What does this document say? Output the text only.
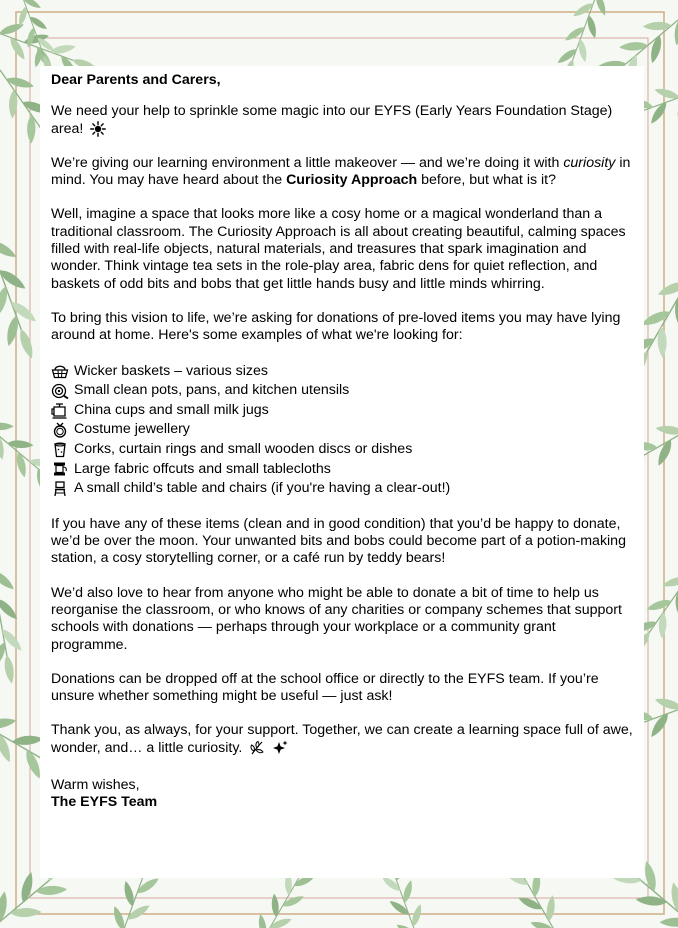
Dear Parents and Carers,

We need your help to sprinkle some magic into our EYFS (Early Years Foundation Stage) area!

We’re giving our learning environment a little makeover — and we’re doing it with curiosity in mind. You may have heard about the Curiosity Approach before, but what is it?

Well, imagine a space that looks more like a cosy home or a magical wonderland than a traditional classroom. The Curiosity Approach is all about creating beautiful, calming spaces filled with real-life objects, natural materials, and treasures that spark imagination and wonder. Think vintage tea sets in the role-play area, fabric dens for quiet reflection, and baskets of odd bits and bobs that get little hands busy and little minds whirring.

To bring this vision to life, we’re asking for donations of pre-loved items you may have lying around at home. Here's some examples of what we're looking for:

Wicker baskets – various sizes
Small clean pots, pans, and kitchen utensils
China cups and small milk jugs
Costume jewellery
Corks, curtain rings and small wooden discs or dishes
Large fabric offcuts and small tablecloths
A small child’s table and chairs (if you're having a clear-out!)

If you have any of these items (clean and in good condition) that you’d be happy to donate, we’d be over the moon. Your unwanted bits and bobs could become part of a potion-making station, a cosy storytelling corner, or a café run by teddy bears!

We’d also love to hear from anyone who might be able to donate a bit of time to help us reorganise the classroom, or who knows of any charities or company schemes that support schools with donations — perhaps through your workplace or a community grant programme.

Donations can be dropped off at the school office or directly to the EYFS team. If you’re unsure whether something might be useful — just ask!

Thank you, as always, for your support. Together, we can create a learning space full of awe, wonder, and… a little curiosity.

Warm wishes,

The EYFS Team
